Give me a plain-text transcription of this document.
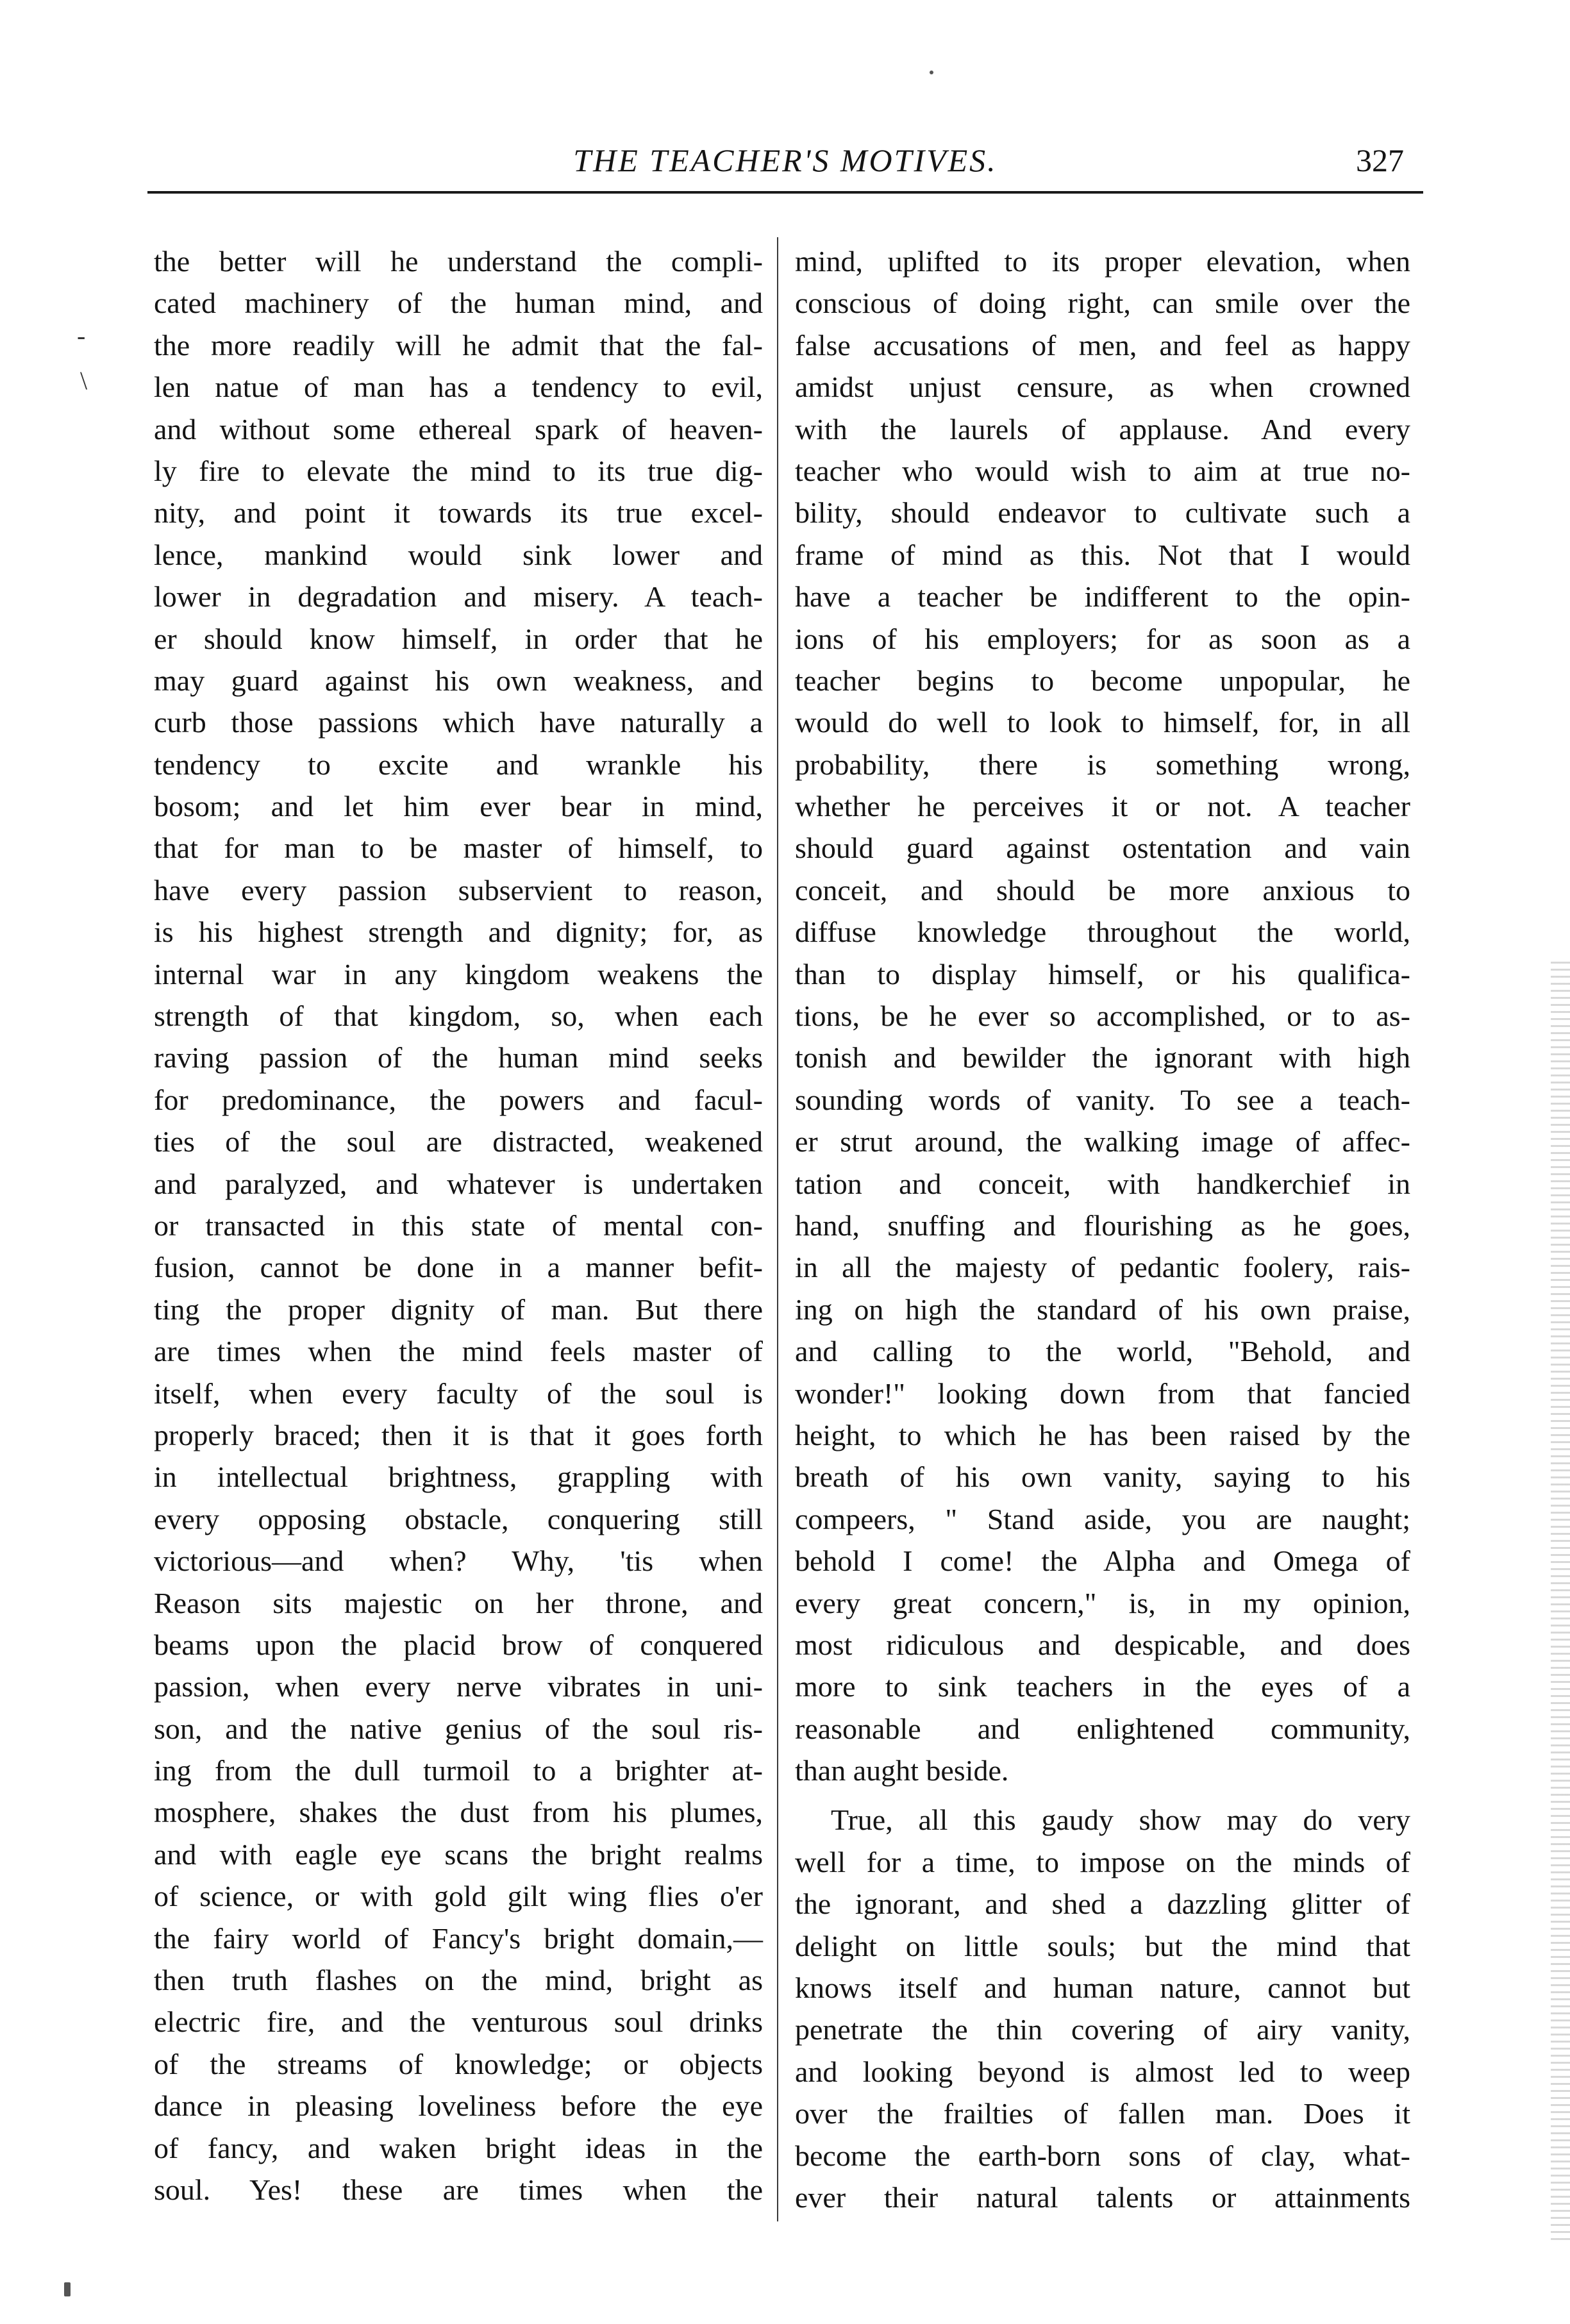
THE TEACHER'S MOTIVES.	327
-
\
the better will he understand the compli-
cated machinery of the human mind, and
the more readily will he admit that the fal-
len natue of man has a tendency to evil,
and without some ethereal spark of heaven-
ly fire to elevate the mind to its true dig-
nity, and point it towards its true excel-
lence, mankind would sink lower and
lower in degradation and misery. A teach-
er should know himself, in order that he
may guard against his own weakness, and
curb those passions which have naturally a
tendency to excite and wrankle his
bosom; and let him ever bear in mind,
that for man to be master of himself, to
have every passion subservient to reason,
is his highest strength and dignity; for, as
internal war in any kingdom weakens the
strength of that kingdom, so, when each
raving passion of the human mind seeks
for predominance, the powers and facul-
ties of the soul are distracted, weakened
and paralyzed, and whatever is undertaken
or transacted in this state of mental con-
fusion, cannot be done in a manner befit-
ting the proper dignity of man. But there
are times when the mind feels master of
itself, when every faculty of the soul is
properly braced; then it is that it goes forth
in intellectual brightness, grappling with
every opposing obstacle, conquering still
victorious—and when? Why, 'tis when
Reason sits majestic on her throne, and
beams upon the placid brow of conquered
passion, when every nerve vibrates in uni-
son, and the native genius of the soul ris-
ing from the dull turmoil to a brighter at-
mosphere, shakes the dust from his plumes,
and with eagle eye scans the bright realms
of science, or with gold gilt wing flies o'er
the fairy world of Fancy's bright domain,—
then truth flashes on the mind, bright as
electric fire, and the venturous soul drinks
of the streams of knowledge; or objects
dance in pleasing loveliness before the eye
of fancy, and waken bright ideas in the
soul. Yes! these are times when the
mind, uplifted to its proper elevation, when
conscious of doing right, can smile over the
false accusations of men, and feel as happy
amidst unjust censure, as when crowned
with the laurels of applause. And every
teacher who would wish to aim at true no-
bility, should endeavor to cultivate such a
frame of mind as this. Not that I would
have a teacher be indifferent to the opin-
ions of his employers; for as soon as a
teacher begins to become unpopular, he
would do well to look to himself, for, in all
probability, there is something wrong,
whether he perceives it or not. A teacher
should guard against ostentation and vain
conceit, and should be more anxious to
diffuse knowledge throughout the world,
than to display himself, or his qualifica-
tions, be he ever so accomplished, or to as-
tonish and bewilder the ignorant with high
sounding words of vanity. To see a teach-
er strut around, the walking image of affec-
tation and conceit, with handkerchief in
hand, snuffing and flourishing as he goes,
in all the majesty of pedantic foolery, rais-
ing on high the standard of his own praise,
and calling to the world, "Behold, and
wonder!" looking down from that fancied
height, to which he has been raised by the
breath of his own vanity, saying to his
compeers, " Stand aside, you are naught;
behold I come! the Alpha and Omega of
every great concern," is, in my opinion,
most ridiculous and despicable, and does
more to sink teachers in the eyes of a
reasonable and enlightened community,
than aught beside.
True, all this gaudy show may do very
well for a time, to impose on the minds of
the ignorant, and shed a dazzling glitter of
delight on little souls; but the mind that
knows itself and human nature, cannot but
penetrate the thin covering of airy vanity,
and looking beyond is almost led to weep
over the frailties of fallen man. Does it
become the earth-born sons of clay, what-
ever their natural talents or attainments
